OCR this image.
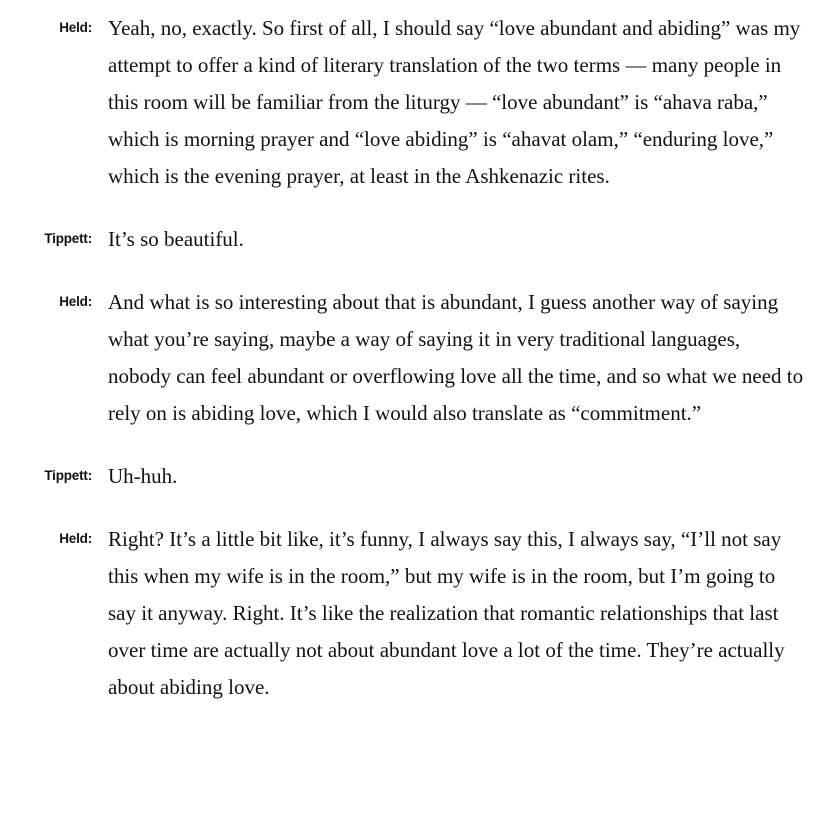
Held: Yeah, no, exactly. So first of all, I should say “love abundant and abiding” was my attempt to offer a kind of literary translation of the two terms — many people in this room will be familiar from the liturgy — “love abundant” is “ahava raba,” which is morning prayer and “love abiding” is “ahavat olam,” “enduring love,” which is the evening prayer, at least in the Ashkenazic rites.
Tippett: It’s so beautiful.
Held: And what is so interesting about that is abundant, I guess another way of saying what you’re saying, maybe a way of saying it in very traditional languages, nobody can feel abundant or overflowing love all the time, and so what we need to rely on is abiding love, which I would also translate as “commitment.”
Tippett: Uh-huh.
Held: Right? It’s a little bit like, it’s funny, I always say this, I always say, “I’ll not say this when my wife is in the room,” but my wife is in the room, but I’m going to say it anyway. Right. It’s like the realization that romantic relationships that last over time are actually not about abundant love a lot of the time. They’re actually about abiding love.
